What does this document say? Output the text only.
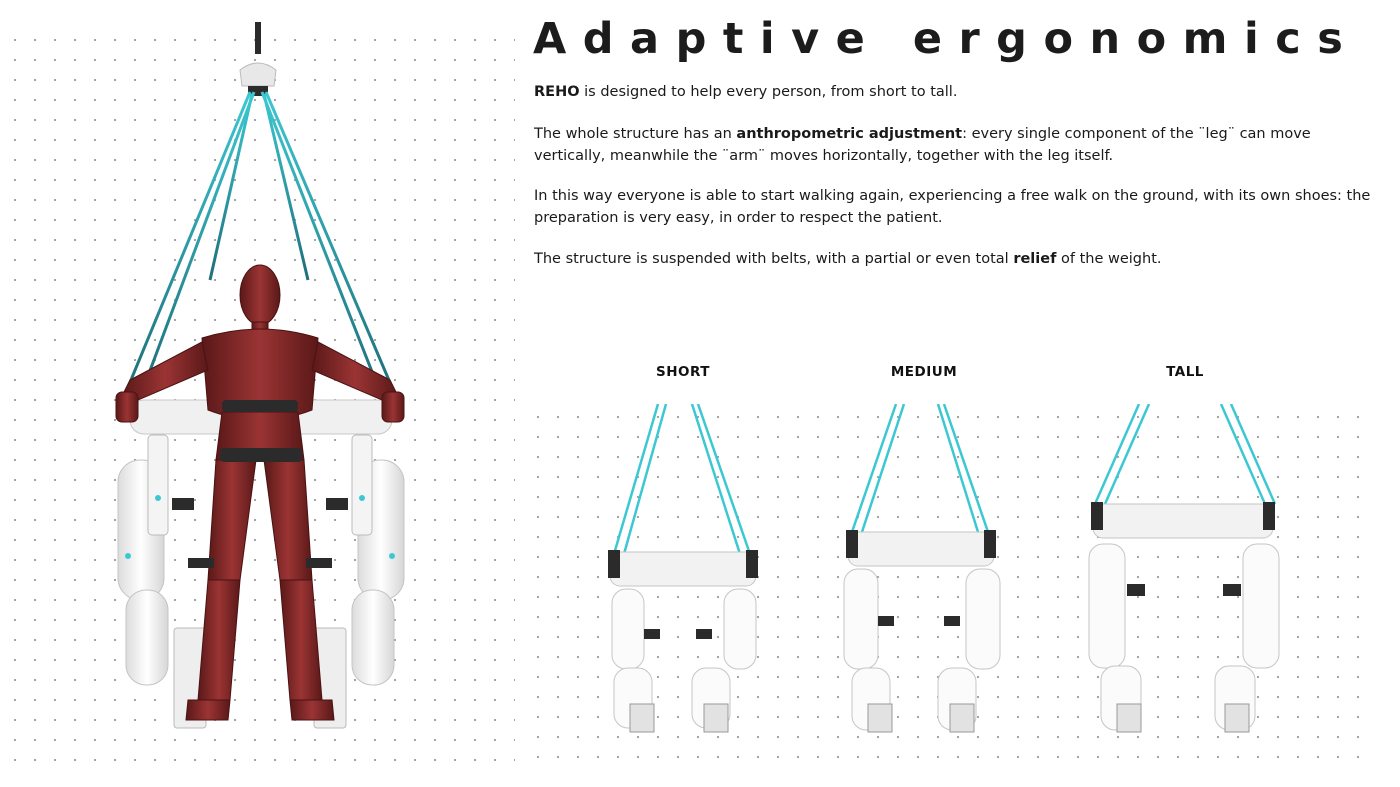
Adaptive ergonomics

REHO is designed to help every person, from short to tall.

The whole structure has an anthropometric adjustment: every single component of the ¨leg¨ can move vertically, meanwhile the ¨arm¨ moves horizontally, together with the leg itself.

In this way everyone is able to start walking again, experiencing a free walk on the ground, with its own shoes: the preparation is very easy, in order to respect the patient.

The structure is suspended with belts, with a partial or even total relief of the weight.

SHORT	MEDIUM	TALL
